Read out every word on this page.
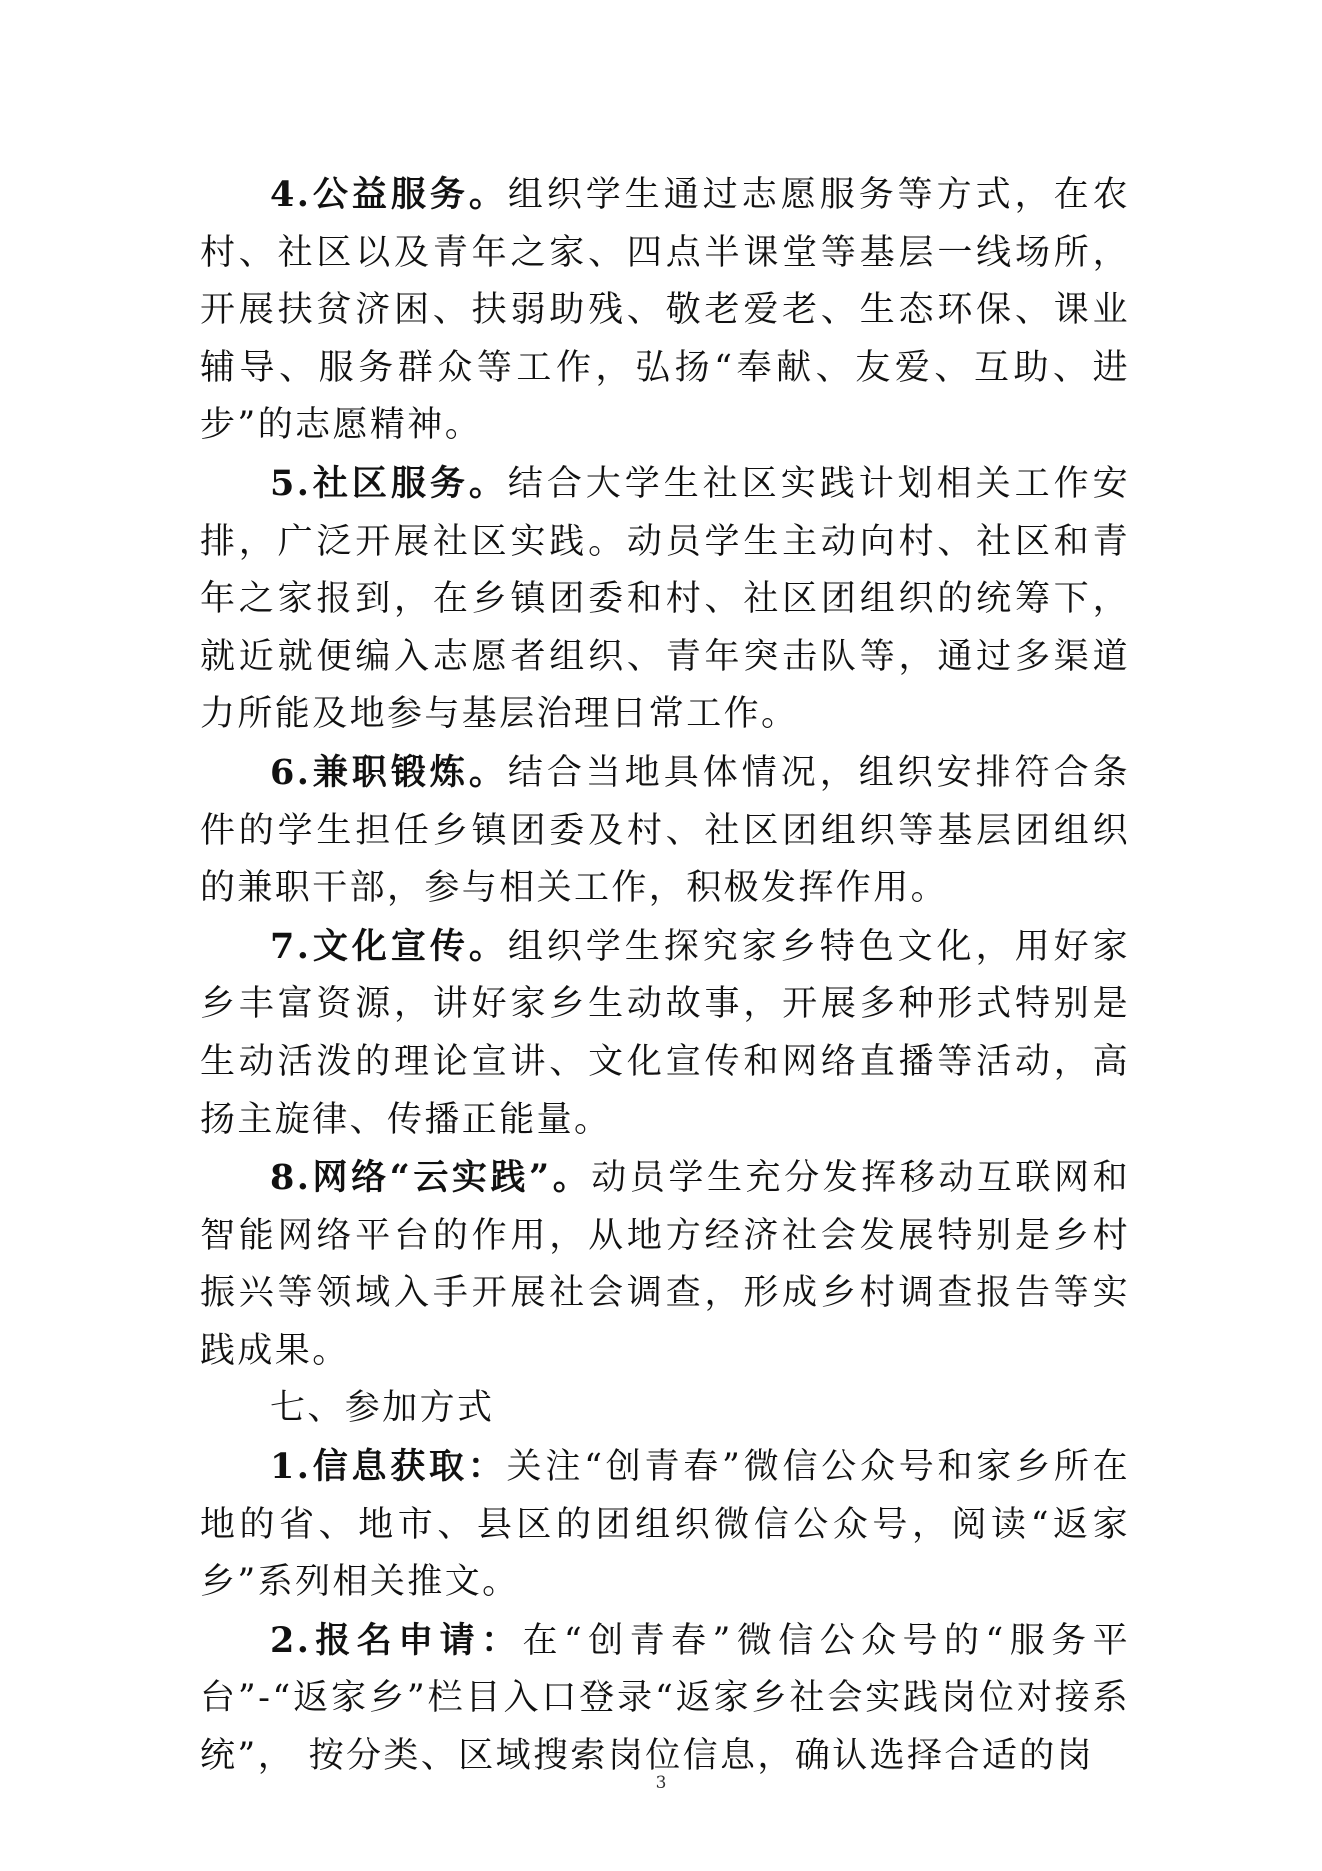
4.公益服务。组织学生通过志愿服务等方式，在农村、社区以及青年之家、四点半课堂等基层一线场所，开展扶贫济困、扶弱助残、敬老爱老、生态环保、课业辅导、服务群众等工作，弘扬“奉献、友爱、互助、进步”的志愿精神。

5.社区服务。结合大学生社区实践计划相关工作安排，广泛开展社区实践。动员学生主动向村、社区和青年之家报到，在乡镇团委和村、社区团组织的统筹下，就近就便编入志愿者组织、青年突击队等，通过多渠道力所能及地参与基层治理日常工作。

6.兼职锻炼。结合当地具体情况，组织安排符合条件的学生担任乡镇团委及村、社区团组织等基层团组织的兼职干部，参与相关工作，积极发挥作用。

7.文化宣传。组织学生探究家乡特色文化，用好家乡丰富资源，讲好家乡生动故事，开展多种形式特别是生动活泼的理论宣讲、文化宣传和网络直播等活动，高扬主旋律、传播正能量。

8.网络“云实践”。动员学生充分发挥移动互联网和智能网络平台的作用，从地方经济社会发展特别是乡村振兴等领域入手开展社会调查，形成乡村调查报告等实践成果。

七、参加方式

1.信息获取：关注“创青春”微信公众号和家乡所在地的省、地市、县区的团组织微信公众号，阅读“返家乡”系列相关推文。

2.报名申请：在“创青春”微信公众号的“服务平台”-“返家乡”栏目入口登录“返家乡社会实践岗位对接系统”， 按分类、区域搜索岗位信息，确认选择合适的岗

3
